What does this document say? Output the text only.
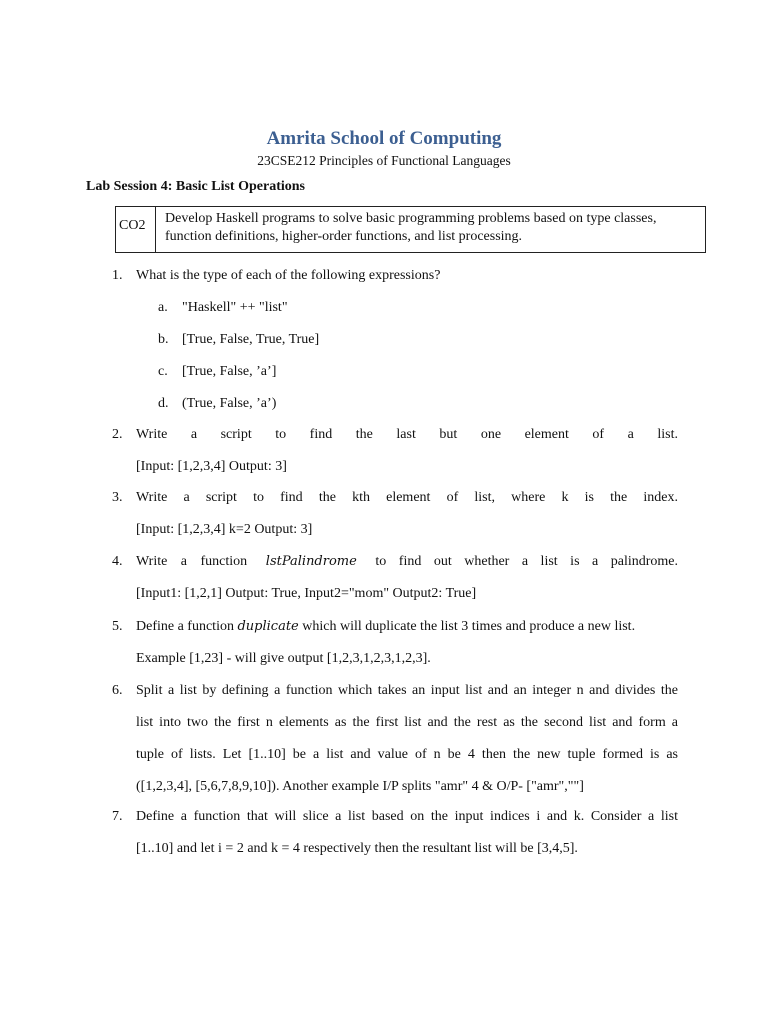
Amrita School of Computing
23CSE212 Principles of Functional Languages
Lab Session 4: Basic List Operations
CO2	Develop Haskell programs to solve basic programming problems based on type classes,
function definitions, higher-order functions, and list processing.
1. What is the type of each of the following expressions?
a. "Haskell" ++ "list"
b. [True, False, True, True]
c. [True, False, ’a’]
d. (True, False, ’a’)
2. Write a script to find the last but one element of a list.
[Input: [1,2,3,4] Output: 3]
3. Write a script to find the kth element of list, where k is the index.
[Input: [1,2,3,4] k=2 Output: 3]
4. Write a function lstPalindrome to find out whether a list is a palindrome.
[Input1: [1,2,1] Output: True, Input2="mom" Output2: True]
5. Define a function duplicate which will duplicate the list 3 times and produce a new list.
Example [1,23] - will give output [1,2,3,1,2,3,1,2,3].
6. Split a list by defining a function which takes an input list and an integer n and divides the
list into two the first n elements as the first list and the rest as the second list and form a
tuple of lists. Let [1..10] be a list and value of n be 4 then the new tuple formed is as
([1,2,3,4], [5,6,7,8,9,10]). Another example I/P splits "amr" 4 & O/P- ["amr",""]
7. Define a function that will slice a list based on the input indices i and k. Consider a list
[1..10] and let i = 2 and k = 4 respectively then the resultant list will be [3,4,5].
